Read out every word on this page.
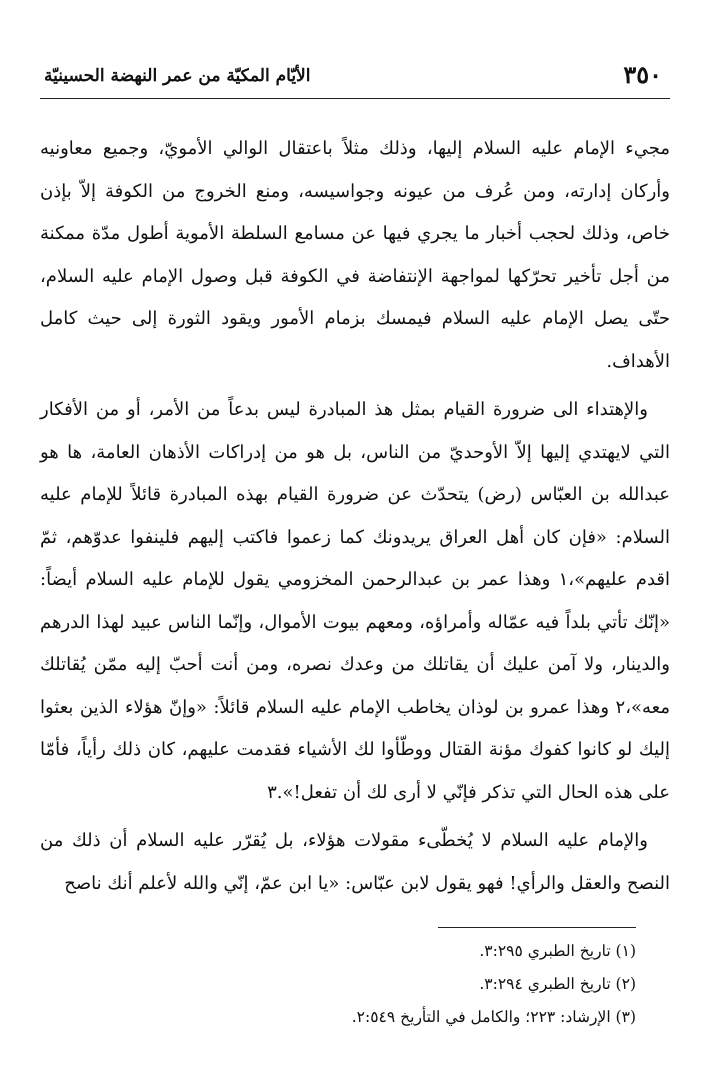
٣٥٠
الأيّام المكيّة من عمر النهضة الحسينيّة

مجيء الإمام عليه السلام إليها، وذلك مثلاً باعتقال الوالي الأمويّ، وجميع معاونيه وأركان إدارته، ومن عُرف من عيونه وجواسيسه، ومنع الخروج من الكوفة إلاّ بإذن خاص، وذلك لحجب أخبار ما يجري فيها عن مسامع السلطة الأموية أطول مدّة ممكنة من أجل تأخير تحرّكها لمواجهة الإنتفاضة في الكوفة قبل وصول الإمام عليه السلام، حتّى يصل الإمام عليه السلام فيمسك بزمام الأمور ويقود الثورة إلى حيث كامل الأهداف.

والإهتداء الى ضرورة القيام بمثل هذ المبادرة ليس بدعاً من الأمر، أو من الأفكار التي لايهتدي إليها إلاّ الأوحديّ من الناس، بل هو من إدراكات الأذهان العامة، ها هو عبدالله بن العبّاس (رض) يتحدّث عن ضرورة القيام بهذه المبادرة قائلاً للإمام عليه السلام: «فإن كان أهل العراق يريدونك كما زعموا فاكتب إليهم فلينفوا عدوّهم، ثمّ اقدم عليهم»،١ وهذا عمر بن عبدالرحمن المخزومي يقول للإمام عليه السلام أيضاً: «إنّك تأتي بلداً فيه عمّاله وأمراؤه، ومعهم بيوت الأموال، وإنّما الناس عبيد لهذا الدرهم والدينار، ولا آمن عليك أن يقاتلك من وعدك نصره، ومن أنت أحبّ إليه ممّن يُقاتلك معه»،٢ وهذا عمرو بن لوذان يخاطب الإمام عليه السلام قائلاً: «وإنّ هؤلاء الذين بعثوا إليك لو كانوا كفوك مؤنة القتال ووطّأوا لك الأشياء فقدمت عليهم، كان ذلك رأياً، فأمّا على هذه الحال التي تذكر فإنّي لا أرى لك أن تفعل!».٣

والإمام عليه السلام لا يُخطّىء مقولات هؤلاء، بل يُقرّر عليه السلام أن ذلك من النصح والعقل والرأي! فهو يقول لابن عبّاس: «يا ابن عمّ، إنّي والله لأعلم أنك ناصح

(١) تاريخ الطبري ٣:٢٩٥.
(٢) تاريخ الطبري ٣:٢٩٤.
(٣) الإرشاد: ٢٢٣؛ والكامل في التأريخ ٢:٥٤٩.
